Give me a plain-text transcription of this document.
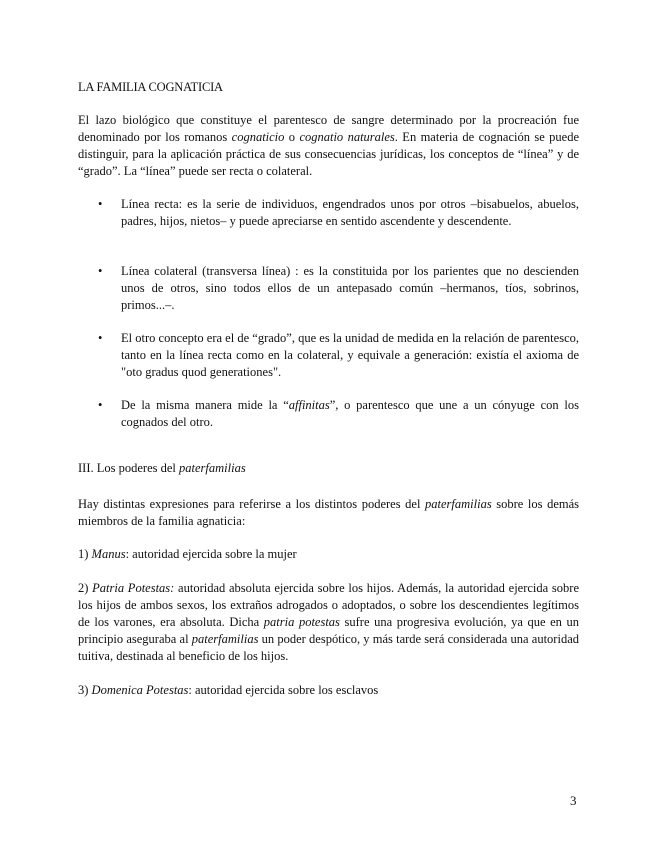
LA FAMILIA COGNATICIA

El lazo biológico que constituye el parentesco de sangre determinado por la procreación fue denominado por los romanos cognaticio o cognatio naturales. En materia de cognación se puede distinguir, para la aplicación práctica de sus consecuencias jurídicas, los conceptos de “línea” y de “grado”. La “línea” puede ser recta o colateral.

• Línea recta: es la serie de individuos, engendrados unos por otros –bisabuelos, abuelos, padres, hijos, nietos– y puede apreciarse en sentido ascendente y descendente.

• Línea colateral (transversa línea) : es la constituida por los parientes que no descienden unos de otros, sino todos ellos de un antepasado común –hermanos, tíos, sobrinos, primos...–.

• El otro concepto era el de “grado”, que es la unidad de medida en la relación de parentesco, tanto en la línea recta como en la colateral, y equivale a generación: existía el axioma de "oto gradus quod generationes".

• De la misma manera mide la “affinitas”, o parentesco que une a un cónyuge con los cognados del otro.

III. Los poderes del paterfamilias

Hay distintas expresiones para referirse a los distintos poderes del paterfamilias sobre los demás miembros de la familia agnaticia:

1) Manus: autoridad ejercida sobre la mujer

2) Patria Potestas: autoridad absoluta ejercida sobre los hijos. Además, la autoridad ejercida sobre los hijos de ambos sexos, los extraños adrogados o adoptados, o sobre los descendientes legítimos de los varones, era absoluta. Dicha patria potestas sufre una progresiva evolución, ya que en un principio aseguraba al paterfamilias un poder despótico, y más tarde será considerada una autoridad tuitiva, destinada al beneficio de los hijos.

3) Domenica Potestas: autoridad ejercida sobre los esclavos

3
